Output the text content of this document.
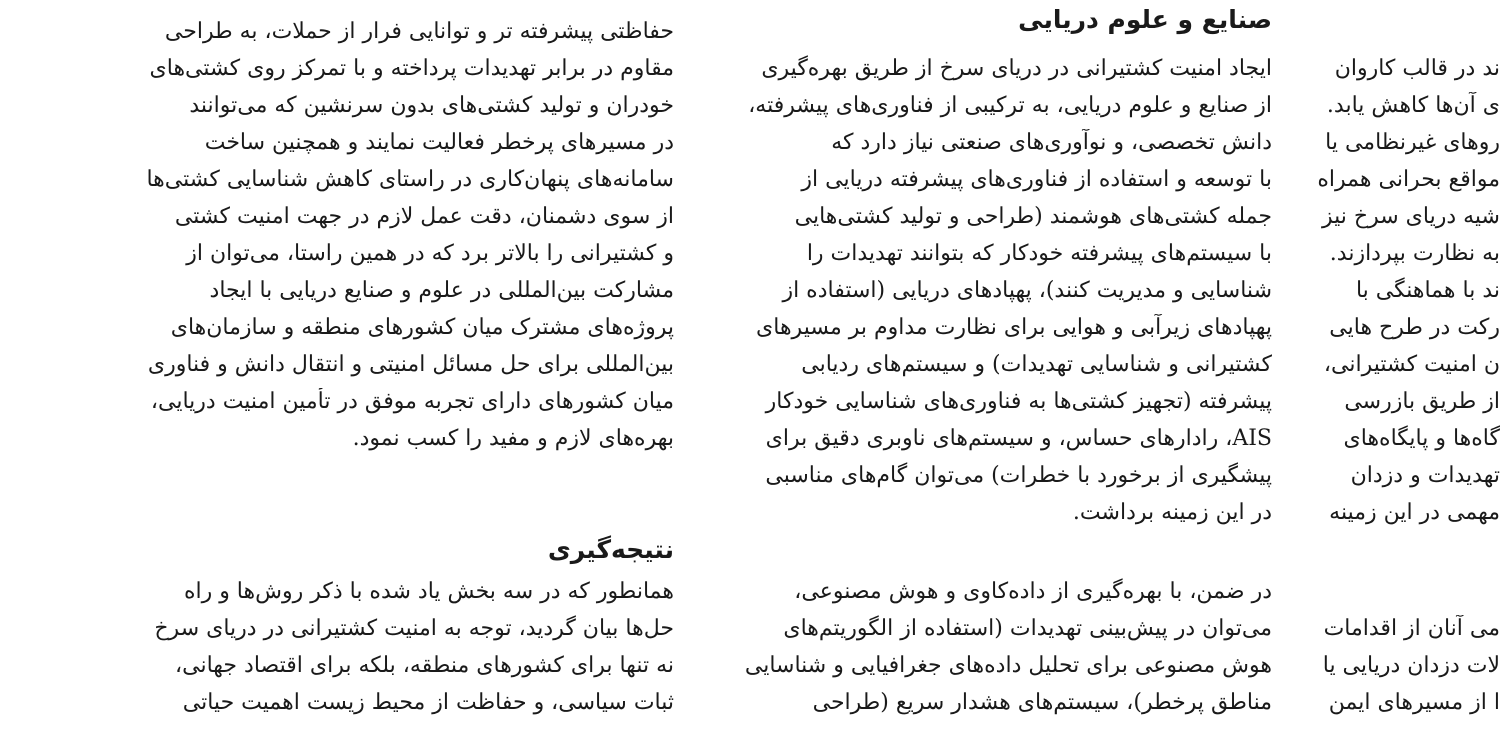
حفاظتی پیشرفته تر و توانایی فرار از حملات، به طراحی
مقاوم در برابر تهدیدات پرداخته و با تمرکز روی کشتی‌های
خودران و تولید کشتی‌های بدون سرنشین که می‌توانند
در مسیرهای پرخطر فعالیت نمایند و همچنین ساخت
سامانه‌های پنهان‌کاری در راستای کاهش شناسایی کشتی‌ها
از سوی دشمنان، دقت عمل لازم در جهت امنیت کشتی
و کشتیرانی را بالاتر برد که در همین راستا، می‌توان از
مشارکت بین‌المللی در علوم و صنایع دریایی با ایجاد
پروژه‌های مشترک میان کشورهای منطقه و سازمان‌های
بین‌المللی برای حل مسائل امنیتی و انتقال دانش و فناوری
میان کشورهای دارای تجربه موفق در تأمین امنیت دریایی،
بهره‌های لازم و مفید را کسب نمود.
نتیجه‌گیری
همانطور که در سه بخش یاد شده با ذکر روش‌ها و راه
حل‌ها بیان گردید، توجه به امنیت کشتیرانی در دریای سرخ
نه تنها برای کشورهای منطقه، بلکه برای اقتصاد جهانی،
ثبات سیاسی، و حفاظت از محیط زیست اهمیت حیاتی
صنایع و علوم دریایی
ایجاد امنیت کشتیرانی در دریای سرخ از طریق بهره‌گیری
از صنایع و علوم دریایی، به ترکیبی از فناوری‌های پیشرفته،
دانش تخصصی، و نوآوری‌های صنعتی نیاز دارد که
با توسعه و استفاده از فناوری‌های پیشرفته دریایی از
جمله کشتی‌های هوشمند (طراحی و تولید کشتی‌هایی
با سیستم‌های پیشرفته خودکار که بتوانند تهدیدات را
شناسایی و مدیریت کنند)، پهپادهای دریایی (استفاده از
پهپادهای زیرآبی و هوایی برای نظارت مداوم بر مسیرهای
کشتیرانی و شناسایی تهدیدات) و سیستم‌های ردیابی
پیشرفته (تجهیز کشتی‌ها به فناوری‌های شناسایی خودکار
AIS، رادارهای حساس، و سیستم‌های ناوبری دقیق برای
پیشگیری از برخورد با خطرات) می‌توان گام‌های مناسبی
در این زمینه برداشت.
در ضمن، با بهره‌گیری از داده‌کاوی و هوش مصنوعی،
می‌توان در پیش‌بینی تهدیدات (استفاده از الگوریتم‌های
هوش مصنوعی برای تحلیل داده‌های جغرافیایی و شناسایی
مناطق پرخطر)، سیستم‌های هشدار سریع (طراحی
ند در قالب کاروان
ی آن‌ها کاهش یابد.
روهای غیرنظامی یا
مواقع بحرانی همراه
شیه دریای سرخ نیز
به نظارت بپردازند.
ند با هماهنگی با
رکت در طرح هایی
ن امنیت کشتیرانی،
از طریق بازرسی
گاه‌ها و پایگاه‌های
تهدیدات و دزدان
مهمی در این زمینه
می آنان از اقدامات
لات دزدان دریایی یا
ا از مسیرهای ایمن
